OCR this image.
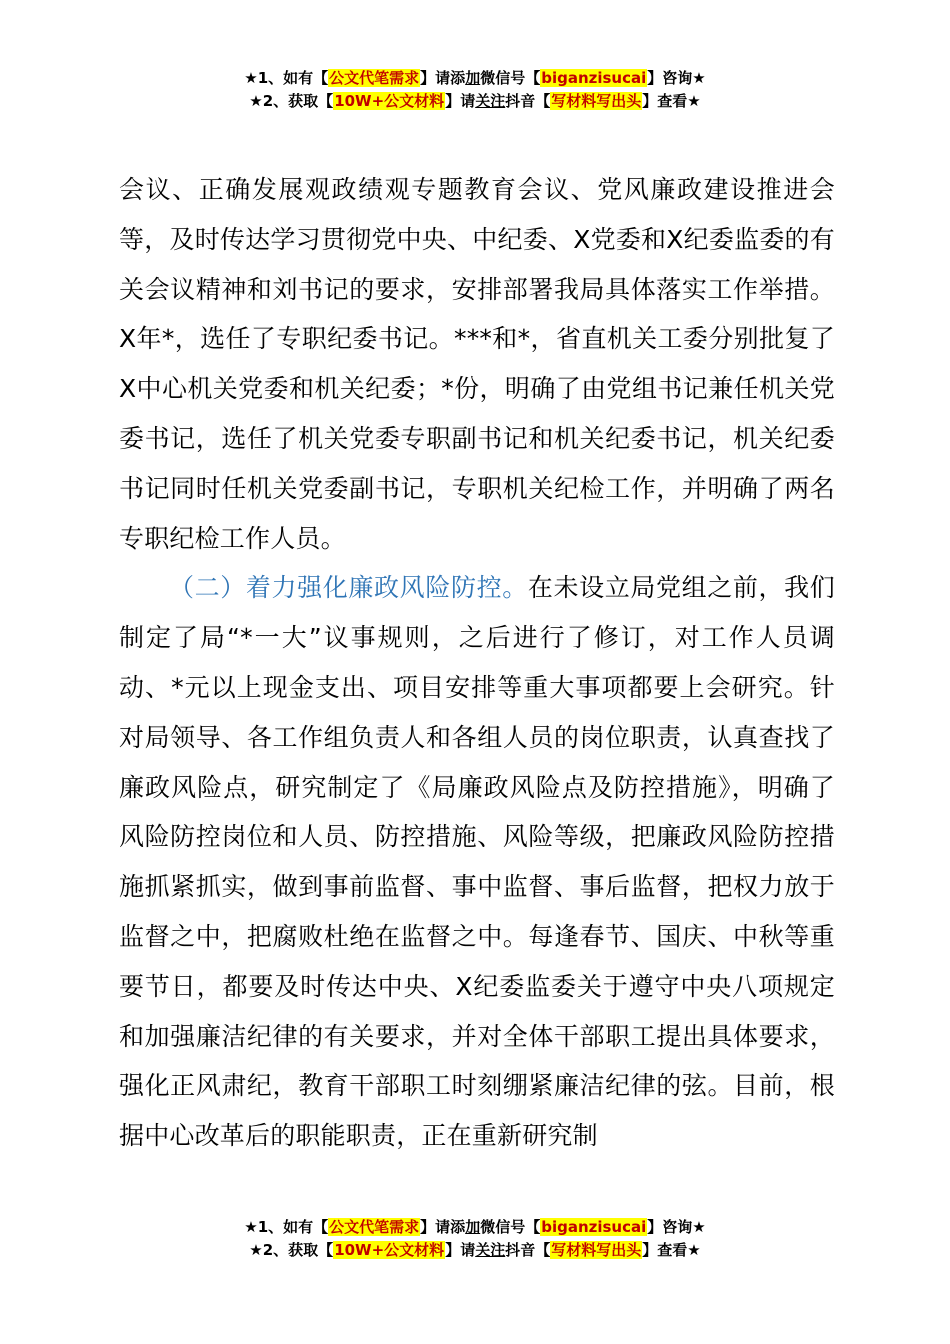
★1、如有【公文代笔需求】请添加微信号【biganzisucai】咨询★
★2、获取【10W+公文材料】请关注抖音【写材料写出头】查看★

会议、正确发展观政绩观专题教育会议、党风廉政建设推进会等，及时传达学习贯彻党中央、中纪委、X党委和X纪委监委的有关会议精神和刘书记的要求，安排部署我局具体落实工作举措。X年*，选任了专职纪委书记。***和*，省直机关工委分别批复了X中心机关党委和机关纪委；*份，明确了由党组书记兼任机关党委书记，选任了机关党委专职副书记和机关纪委书记，机关纪委书记同时任机关党委副书记，专职机关纪检工作，并明确了两名专职纪检工作人员。

（二）着力强化廉政风险防控。在未设立局党组之前，我们制定了局“*一大”议事规则，之后进行了修订，对工作人员调动、*元以上现金支出、项目安排等重大事项都要上会研究。针对局领导、各工作组负责人和各组人员的岗位职责，认真查找了廉政风险点，研究制定了《局廉政风险点及防控措施》，明确了风险防控岗位和人员、防控措施、风险等级，把廉政风险防控措施抓紧抓实，做到事前监督、事中监督、事后监督，把权力放于监督之中，把腐败杜绝在监督之中。每逢春节、国庆、中秋等重要节日，都要及时传达中央、X纪委监委关于遵守中央八项规定和加强廉洁纪律的有关要求，并对全体干部职工提出具体要求，强化正风肃纪，教育干部职工时刻绷紧廉洁纪律的弦。目前，根据中心改革后的职能职责，正在重新研究制

★1、如有【公文代笔需求】请添加微信号【biganzisucai】咨询★
★2、获取【10W+公文材料】请关注抖音【写材料写出头】查看★
